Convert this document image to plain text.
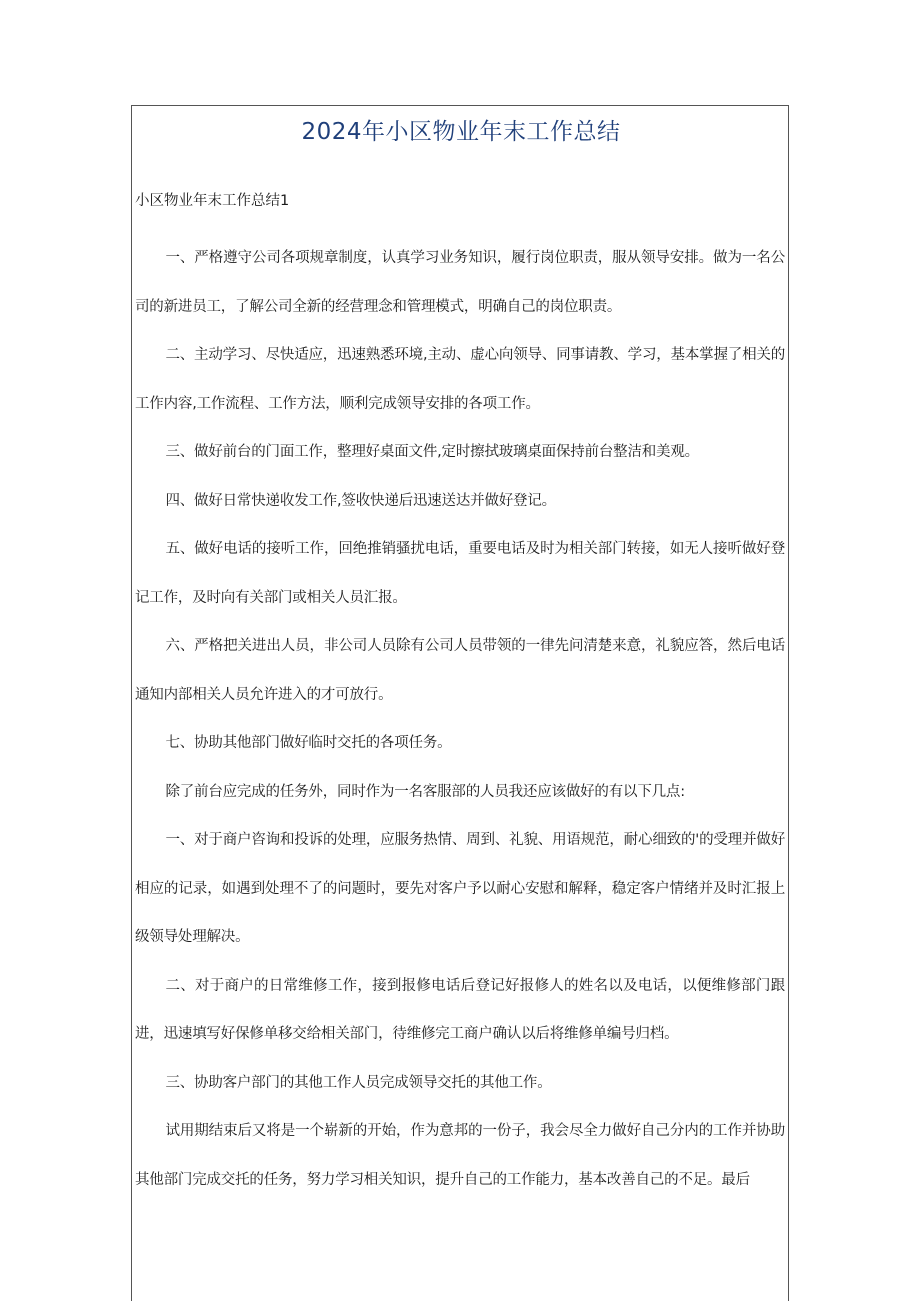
2024年小区物业年末工作总结
小区物业年末工作总结1

一、严格遵守公司各项规章制度，认真学习业务知识，履行岗位职责，服从领导安排。做为一名公司的新进员工，了解公司全新的经营理念和管理模式，明确自己的岗位职责。

二、主动学习、尽快适应，迅速熟悉环境,主动、虚心向领导、同事请教、学习，基本掌握了相关的工作内容,工作流程、工作方法，顺利完成领导安排的各项工作。

三、做好前台的门面工作，整理好桌面文件,定时擦拭玻璃桌面保持前台整洁和美观。

四、做好日常快递收发工作,签收快递后迅速送达并做好登记。

五、做好电话的接听工作，回绝推销骚扰电话，重要电话及时为相关部门转接，如无人接听做好登记工作，及时向有关部门或相关人员汇报。

六、严格把关进出人员，非公司人员除有公司人员带领的一律先问清楚来意，礼貌应答，然后电话通知内部相关人员允许进入的才可放行。

七、协助其他部门做好临时交托的各项任务。

除了前台应完成的任务外，同时作为一名客服部的人员我还应该做好的有以下几点:

一、对于商户咨询和投诉的处理，应服务热情、周到、礼貌、用语规范，耐心细致的'的受理并做好相应的记录，如遇到处理不了的问题时，要先对客户予以耐心安慰和解释，稳定客户情绪并及时汇报上级领导处理解决。

二、对于商户的日常维修工作，接到报修电话后登记好报修人的姓名以及电话，以便维修部门跟进，迅速填写好保修单移交给相关部门，待维修完工商户确认以后将维修单编号归档。

三、协助客户部门的其他工作人员完成领导交托的其他工作。

试用期结束后又将是一个崭新的开始，作为意邦的一份子，我会尽全力做好自己分内的工作并协助其他部门完成交托的任务，努力学习相关知识，提升自己的工作能力，基本改善自己的不足。最后
